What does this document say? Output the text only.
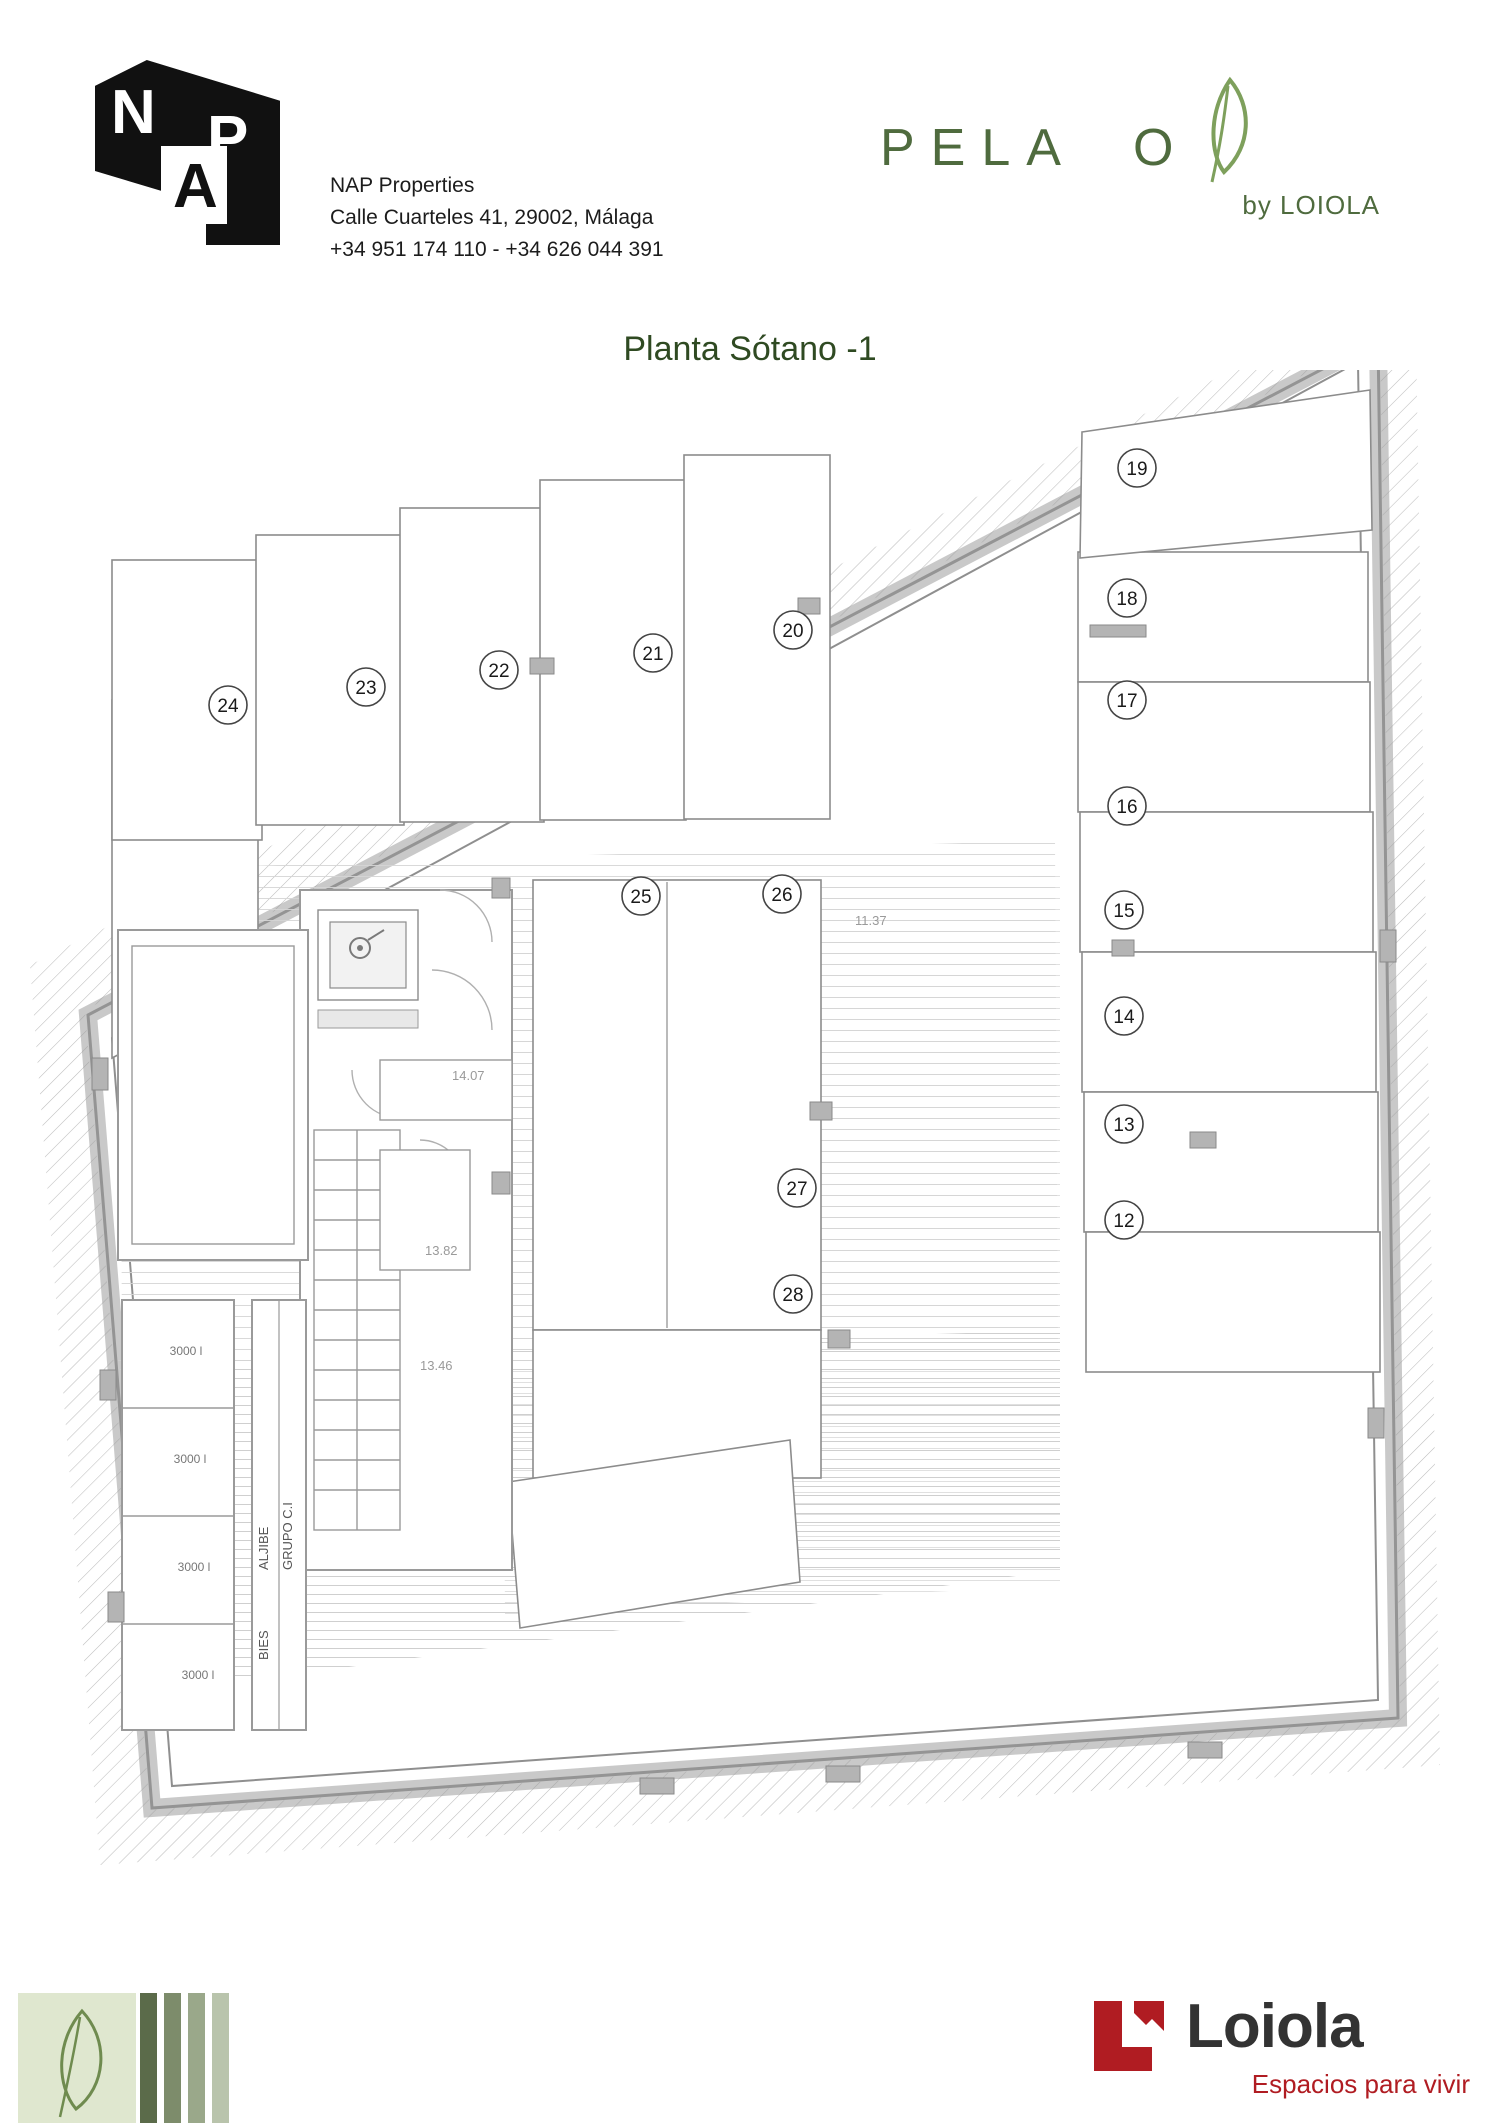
N
A
P
NAP Properties
Calle Cuarteles 41, 29002, Málaga
+34 951 174 110 - +34 626 044 391
PELA O
by LOIOLA
Planta Sótano -1
11.37
14.07
13.82
13.46
3000 l
3000 l
3000 l
3000 l
ALJIBE GRUPO C.I
BIES
19
18
17
16
15
14
13
12
20
21
22
23
24
25	26
27
28
Loiola
Espacios para vivir
